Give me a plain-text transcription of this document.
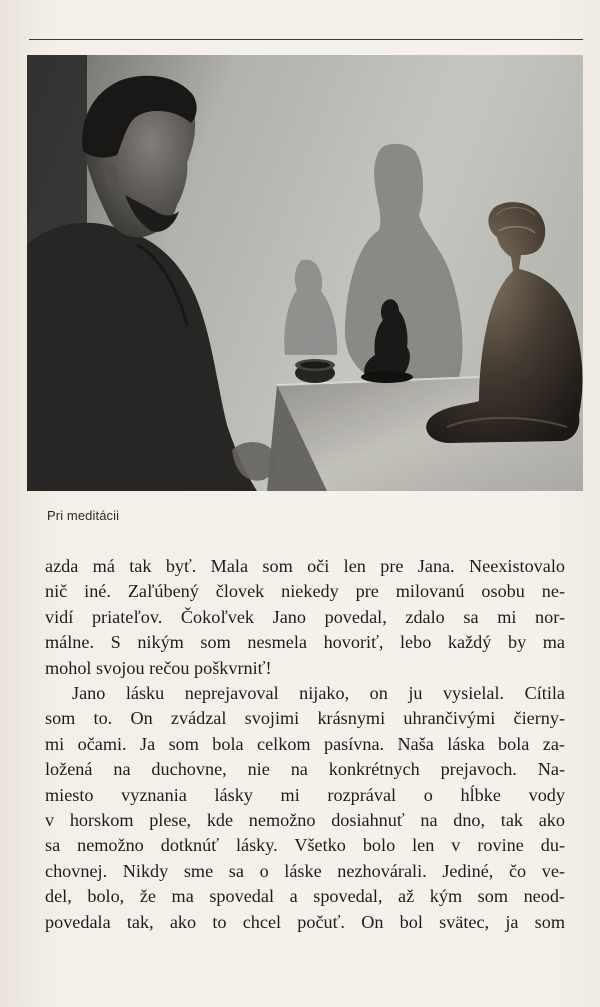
Pri meditácii

azda má tak byť. Mala som oči len pre Jana. Neexistovalo
nič iné. Zaľúbený človek niekedy pre milovanú osobu ne-
vidí priateľov. Čokoľvek Jano povedal, zdalo sa mi nor-
málne. S nikým som nesmela hovoriť, lebo každý by ma
mohol svojou rečou poškvrniť!

Jano lásku neprejavoval nijako, on ju vysielal. Cítila
som to. On zvádzal svojimi krásnymi uhrančivými čierny-
mi očami. Ja som bola celkom pasívna. Naša láska bola za-
ložená na duchovne, nie na konkrétnych prejavoch. Na-
miesto vyznania lásky mi rozprával o hĺbke vody
v horskom plese, kde nemožno dosiahnuť na dno, tak ako
sa nemožno dotknúť lásky. Všetko bolo len v rovine du-
chovnej. Nikdy sme sa o láske nezhovárali. Jediné, čo ve-
del, bolo, že ma spovedal a spovedal, až kým som neod-
povedala tak, ako to chcel počuť. On bol svätec, ja som
